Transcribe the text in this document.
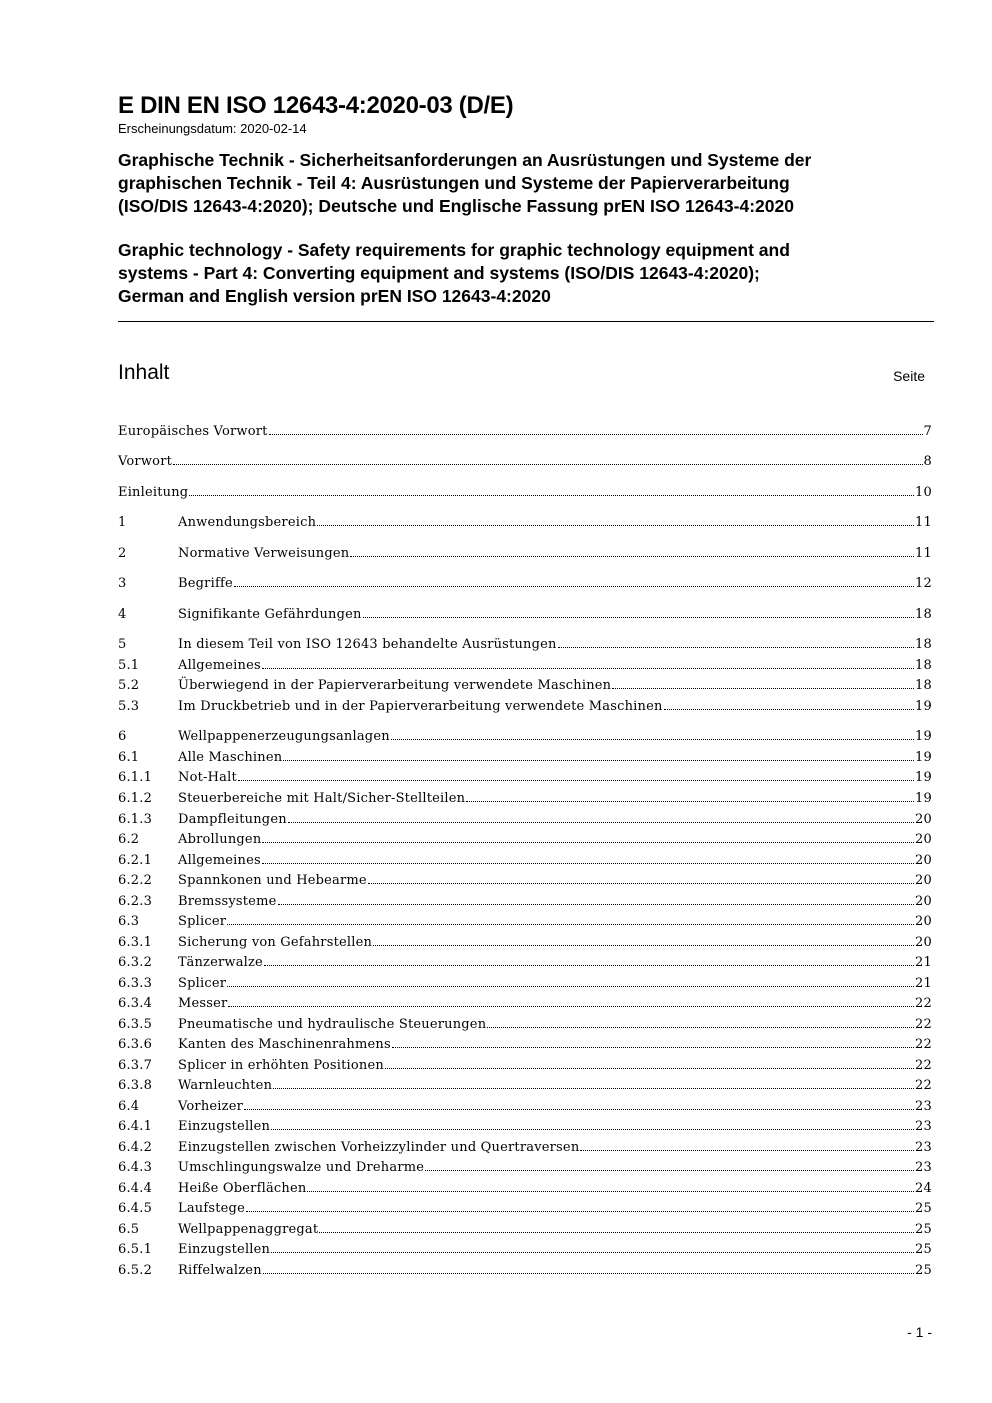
E DIN EN ISO 12643-4:2020-03 (D/E)
Erscheinungsdatum: 2020-02-14
Graphische Technik - Sicherheitsanforderungen an Ausrüstungen und Systeme der
graphischen Technik - Teil 4: Ausrüstungen und Systeme der Papierverarbeitung
(ISO/DIS 12643-4:2020); Deutsche und Englische Fassung prEN ISO 12643-4:2020
Graphic technology - Safety requirements for graphic technology equipment and
systems - Part 4: Converting equipment and systems (ISO/DIS 12643-4:2020);
German and English version prEN ISO 12643-4:2020
Inhalt	Seite
Europäisches Vorwort	7
Vorwort	8
Einleitung	10
1	Anwendungsbereich	11
2	Normative Verweisungen	11
3	Begriffe	12
4	Signifikante Gefährdungen	18
5	In diesem Teil von ISO 12643 behandelte Ausrüstungen	18
5.1	Allgemeines	18
5.2	Überwiegend in der Papierverarbeitung verwendete Maschinen	18
5.3	Im Druckbetrieb und in der Papierverarbeitung verwendete Maschinen	19
6	Wellpappenerzeugungsanlagen	19
6.1	Alle Maschinen	19
6.1.1	Not-Halt	19
6.1.2	Steuerbereiche mit Halt/Sicher-Stellteilen	19
6.1.3	Dampfleitungen	20
6.2	Abrollungen	20
6.2.1	Allgemeines	20
6.2.2	Spannkonen und Hebearme	20
6.2.3	Bremssysteme	20
6.3	Splicer	20
6.3.1	Sicherung von Gefahrstellen	20
6.3.2	Tänzerwalze	21
6.3.3	Splicer	21
6.3.4	Messer	22
6.3.5	Pneumatische und hydraulische Steuerungen	22
6.3.6	Kanten des Maschinenrahmens	22
6.3.7	Splicer in erhöhten Positionen	22
6.3.8	Warnleuchten	22
6.4	Vorheizer	23
6.4.1	Einzugstellen	23
6.4.2	Einzugstellen zwischen Vorheizzylinder und Quertraversen	23
6.4.3	Umschlingungswalze und Dreharme	23
6.4.4	Heiße Oberflächen	24
6.4.5	Laufstege	25
6.5	Wellpappenaggregat	25
6.5.1	Einzugstellen	25
6.5.2	Riffelwalzen	25
- 1 -
